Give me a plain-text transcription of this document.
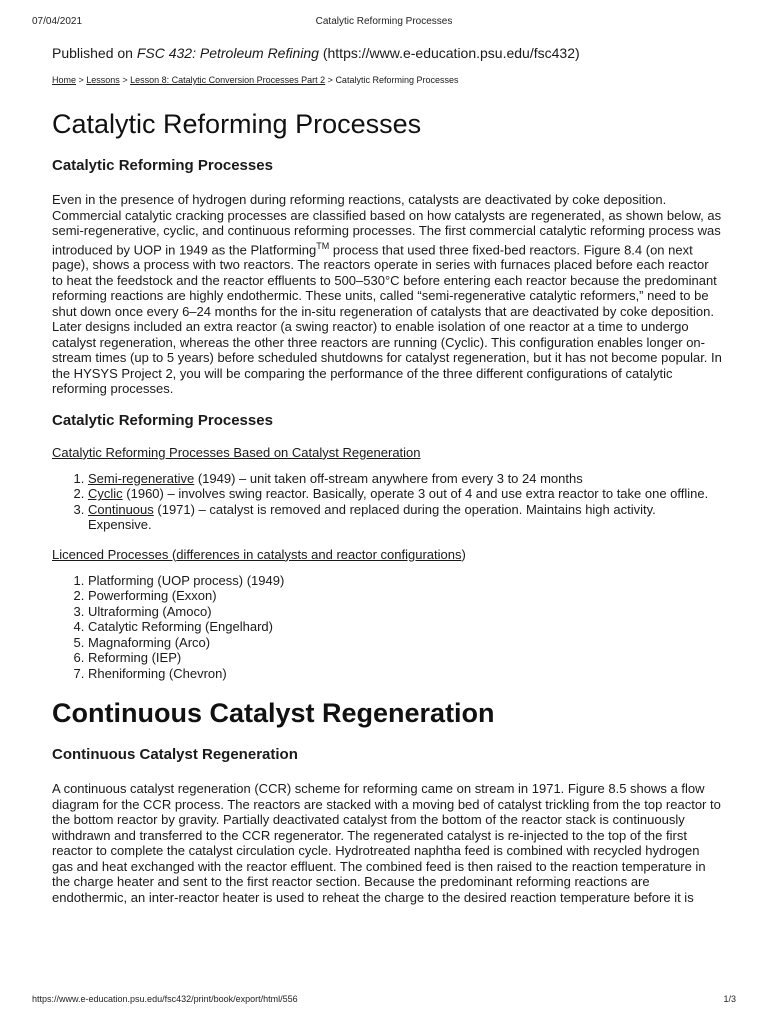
07/04/2021	Catalytic Reforming Processes

Published on FSC 432: Petroleum Refining (https://www.e-education.psu.edu/fsc432)

Home > Lessons > Lesson 8: Catalytic Conversion Processes Part 2 > Catalytic Reforming Processes
Catalytic Reforming Processes
Catalytic Reforming Processes

Even in the presence of hydrogen during reforming reactions, catalysts are deactivated by coke deposition. Commercial catalytic cracking processes are classified based on how catalysts are regenerated, as shown below, as semi-regenerative, cyclic, and continuous reforming processes. The first commercial catalytic reforming process was introduced by UOP in 1949 as the Platforming™ process that used three fixed-bed reactors. Figure 8.4 (on next page), shows a process with two reactors. The reactors operate in series with furnaces placed before each reactor to heat the feedstock and the reactor effluents to 500–530°C before entering each reactor because the predominant reforming reactions are highly endothermic. These units, called “semi-regenerative catalytic reformers,” need to be shut down once every 6–24 months for the in-situ regeneration of catalysts that are deactivated by coke deposition. Later designs included an extra reactor (a swing reactor) to enable isolation of one reactor at a time to undergo catalyst regeneration, whereas the other three reactors are running (Cyclic). This configuration enables longer on-stream times (up to 5 years) before scheduled shutdowns for catalyst regeneration, but it has not become popular. In the HYSYS Project 2, you will be comparing the performance of the three different configurations of catalytic reforming processes.

Catalytic Reforming Processes
Catalytic Reforming Processes Based on Catalyst Regeneration
1. Semi-regenerative (1949) – unit taken off-stream anywhere from every 3 to 24 months
2. Cyclic (1960) – involves swing reactor. Basically, operate 3 out of 4 and use extra reactor to take one offline.
3. Continuous (1971) – catalyst is removed and replaced during the operation. Maintains high activity. Expensive.
Licenced Processes (differences in catalysts and reactor configurations)
1. Platforming (UOP process) (1949)
2. Powerforming (Exxon)
3. Ultraforming (Amoco)
4. Catalytic Reforming (Engelhard)
5. Magnaforming (Arco)
6. Reforming (IEP)
7. Rheniforming (Chevron)
Continuous Catalyst Regeneration
Continuous Catalyst Regeneration

A continuous catalyst regeneration (CCR) scheme for reforming came on stream in 1971. Figure 8.5 shows a flow diagram for the CCR process. The reactors are stacked with a moving bed of catalyst trickling from the top reactor to the bottom reactor by gravity. Partially deactivated catalyst from the bottom of the reactor stack is continuously withdrawn and transferred to the CCR regenerator. The regenerated catalyst is re-injected to the top of the first reactor to complete the catalyst circulation cycle. Hydrotreated naphtha feed is combined with recycled hydrogen gas and heat exchanged with the reactor effluent. The combined feed is then raised to the reaction temperature in the charge heater and sent to the first reactor section. Because the predominant reforming reactions are endothermic, an inter-reactor heater is used to reheat the charge to the desired reaction temperature before it is

https://www.e-education.psu.edu/fsc432/print/book/export/html/556	1/3
